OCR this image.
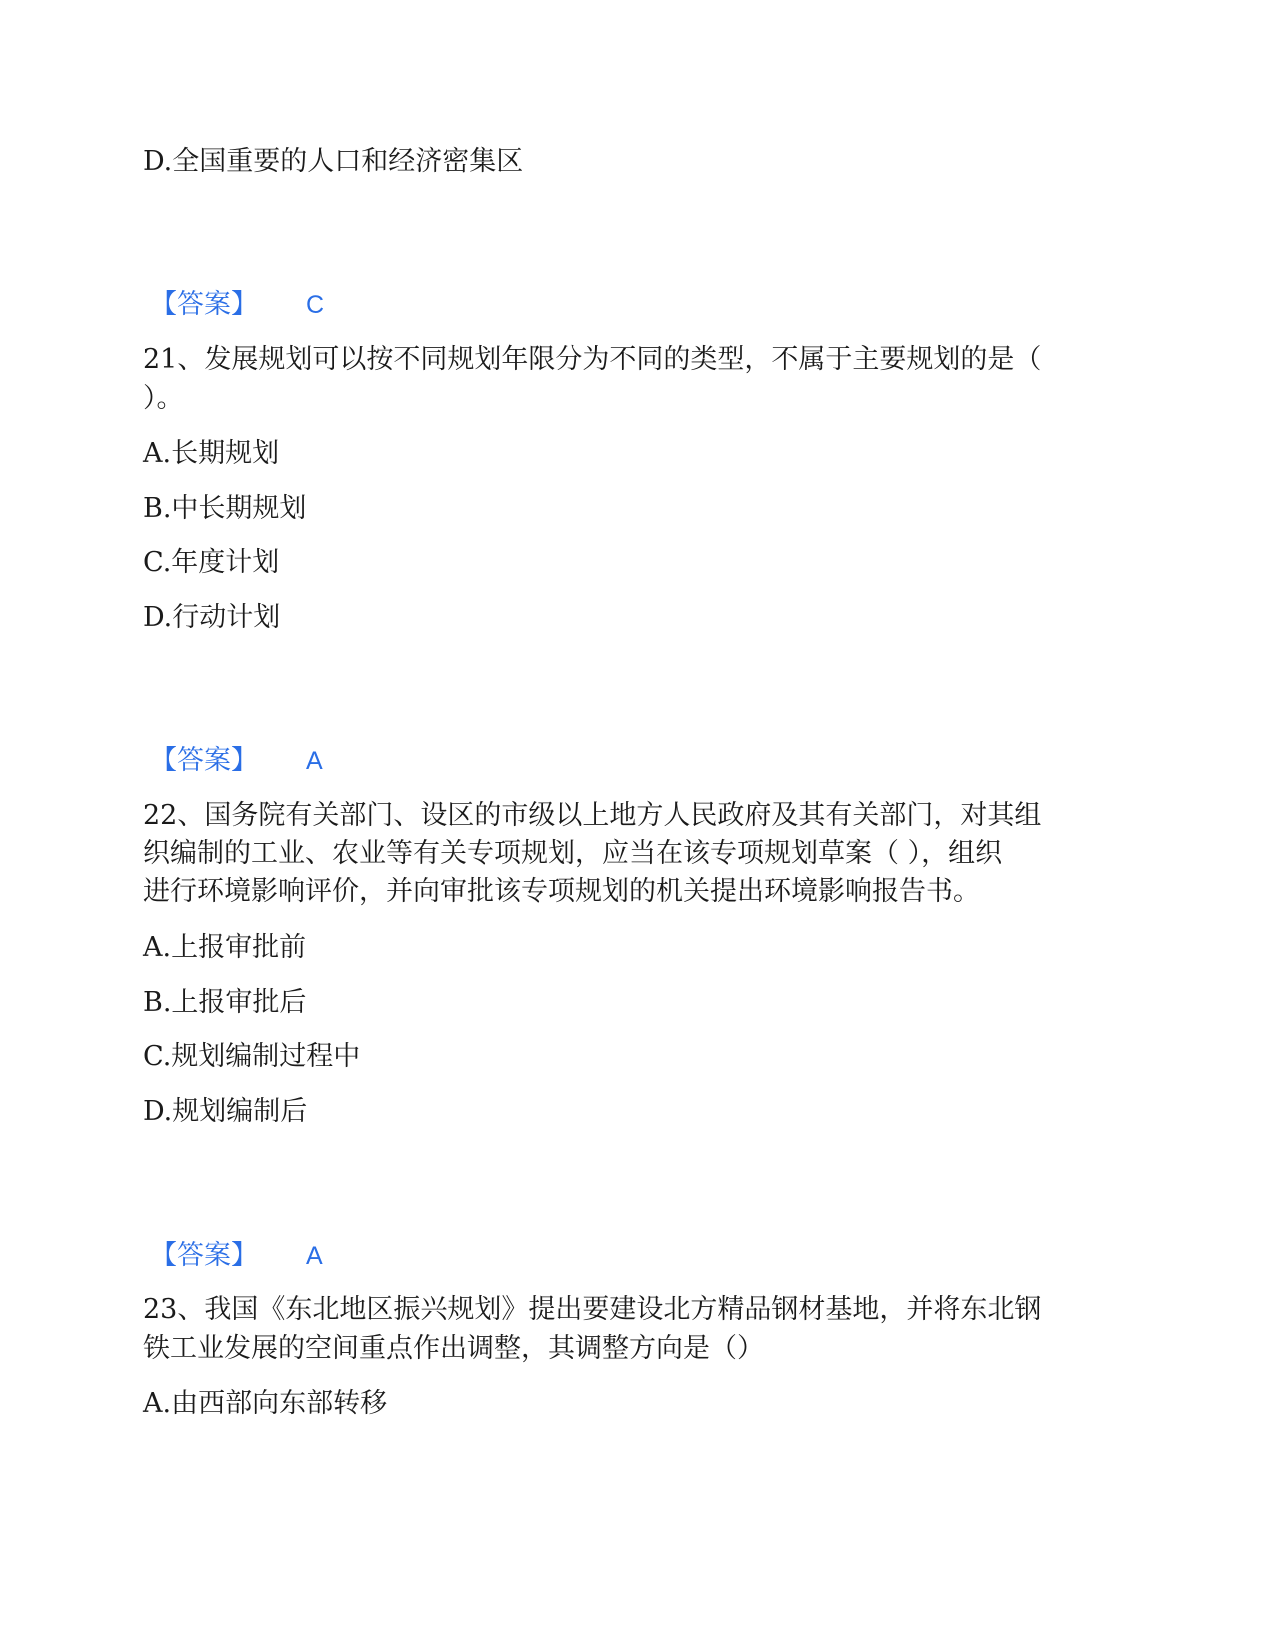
D.全国重要的人口和经济密集区
【答案】 C
21、发展规划可以按不同规划年限分为不同的类型，不属于主要规划的是（
）。
A.长期规划
B.中长期规划
C.年度计划
D.行动计划
【答案】 A
22、国务院有关部门、设区的市级以上地方人民政府及其有关部门，对其组
织编制的工业、农业等有关专项规划，应当在该专项规划草案（ ），组织
进行环境影响评价，并向审批该专项规划的机关提出环境影响报告书。
A.上报审批前
B.上报审批后
C.规划编制过程中
D.规划编制后
【答案】 A
23、我国《东北地区振兴规划》提出要建设北方精品钢材基地，并将东北钢
铁工业发展的空间重点作出调整，其调整方向是（）
A.由西部向东部转移
